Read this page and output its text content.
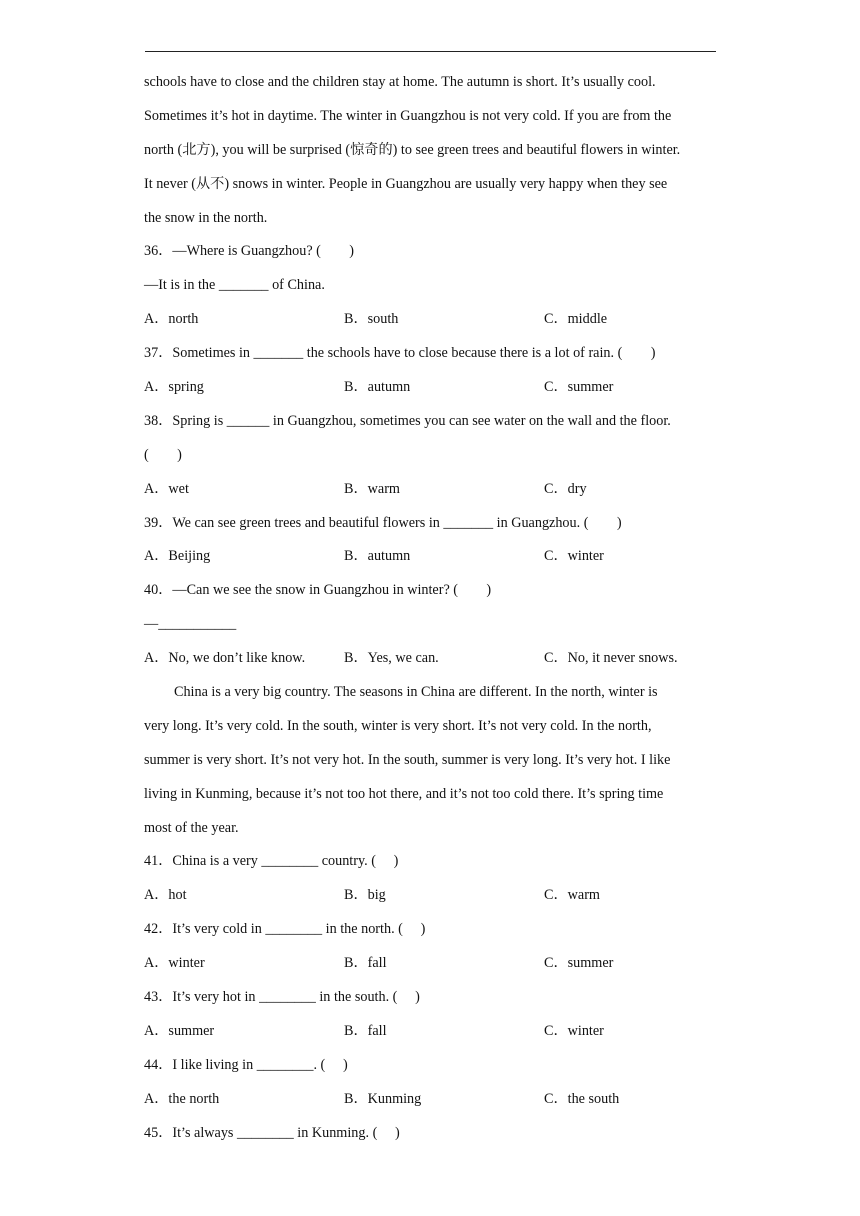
schools have to close and the children stay at home. The autumn is short. It’s usually cool.
Sometimes it’s hot in daytime. The winter in Guangzhou is not very cold. If you are from the
north (北方), you will be surprised (惊奇的) to see green trees and beautiful flowers in winter.
It never (从不) snows in winter. People in Guangzhou are usually very happy when they see
the snow in the north.
36．—Where is Guangzhou? (　　)
—It is in the _______ of China.
A．north	B．south	C．middle
37．Sometimes in _______ the schools have to close because there is a lot of rain. (　　)
A．spring	B．autumn	C．summer
38．Spring is ______ in Guangzhou, sometimes you can see water on the wall and the floor.
(　　)
A．wet	B．warm	C．dry
39．We can see green trees and beautiful flowers in _______ in Guangzhou. (　　)
A．Beijing	B．autumn	C．winter
40．—Can we see the snow in Guangzhou in winter? (　　)
—___________
A．No, we don’t like know.	B．Yes, we can.	C．No, it never snows.
China is a very big country. The seasons in China are different. In the north, winter is
very long. It’s very cold. In the south, winter is very short. It’s not very cold. In the north,
summer is very short. It’s not very hot. In the south, summer is very long. It’s very hot. I like
living in Kunming, because it’s not too hot there, and it’s not too cold there. It’s spring time
most of the year.
41．China is a very ________ country. (　 )
A．hot	B．big	C．warm
42．It’s very cold in ________ in the north. (　 )
A．winter	B．fall	C．summer
43．It’s very hot in ________ in the south. (　 )
A．summer	B．fall	C．winter
44．I like living in ________. (　 )
A．the north	B．Kunming	C．the south
45．It’s always ________ in Kunming. (　 )
